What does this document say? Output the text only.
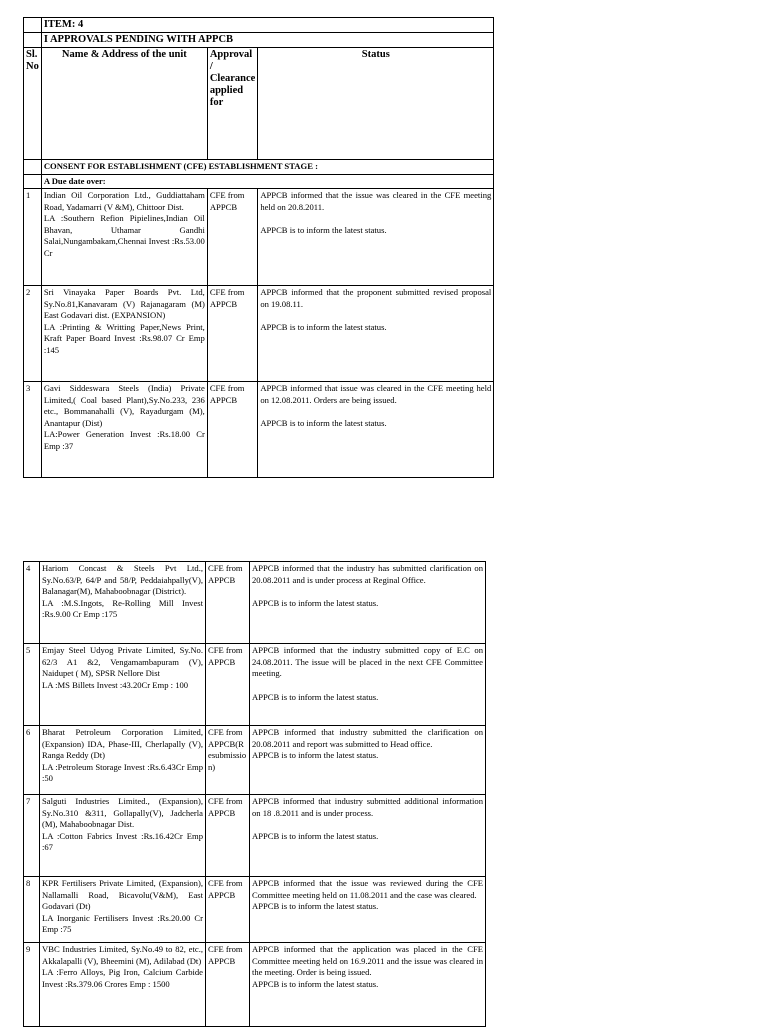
	ITEM: 4		
	I APPROVALS PENDING WITH APPCB		
Sl. No	Name & Address of the unit	Approval / Clearance applied for	Status
	CONSENT FOR ESTABLISHMENT (CFE) ESTABLISHMENT STAGE :		
	A Due date over:		
1	Indian Oil Corporation Ltd., Guddiattaham Road, Yadamarri (V &M), Chittoor Dist.
LA :Southern Refion Pipielines,Indian Oil Bhavan, Uthamar Gandhi Salai,Nungambakam,Chennai Invest :Rs.53.00 Cr	CFE from APPCB	APPCB informed that the issue was cleared in the CFE meeting held on 20.8.2011.
APPCB is to inform the latest status.

2	Sri Vinayaka Paper Boards Pvt. Ltd, Sy.No.81,Kanavaram (V) Rajanagaram (M) East Godavari dist. (EXPANSION)
LA :Printing & Writting Paper,News Print, Kraft Paper Board Invest :Rs.98.07 Cr Emp :145	CFE from APPCB	APPCB informed that the proponent submitted revised proposal on 19.08.11.
APPCB is to inform the latest status.

3	Gavi Siddeswara Steels (India) Private Limited,( Coal based Plant),Sy.No.233, 236 etc., Bommanahalli (V), Rayadurgam (M), Anantapur (Dist)
LA:Power Generation Invest :Rs.18.00 Cr Emp :37	CFE from APPCB	APPCB informed that issue was cleared in the CFE meeting held on 12.08.2011. Orders are being issued.
APPCB is to inform the latest status.
4	Hariom Concast & Steels Pvt Ltd., Sy.No.63/P, 64/P and 58/P, Peddaiahpally(V), Balanagar(M), Mahaboobnagar (District).
LA :M.S.Ingots, Re-Rolling Mill Invest :Rs.9.00 Cr Emp :175	CFE from APPCB	APPCB informed that the industry has submitted clarification on 20.08.2011 and is under process at Reginal Office.
APPCB is to inform the latest status.

5	Emjay Steel Udyog Private Limited, Sy.No. 62/3 A1 &2, Vengamambapuram (V), Naidupet ( M), SPSR Nellore Dist
LA :MS Billets Invest :43.20Cr Emp : 100	CFE from APPCB	APPCB informed that the industry submitted copy of E.C on 24.08.2011. The issue will be placed in the next CFE Committee meeting.
APPCB is to inform the latest status.

6	Bharat Petroleum Corporation Limited, (Expansion) IDA, Phase-III, Cherlapally (V), Ranga Reddy (Dt)
LA :Petroleum Storage Invest :Rs.6.43Cr Emp :50	CFE from APPCB(Resubmission)	APPCB informed that industry submitted the clarification on 20.08.2011 and report was submitted to Head office.
APPCB is to inform the latest status.

7	Salguti Industries Limited., (Expansion), Sy.No.310 &311, Gollapally(V), Jadcherla (M), Mahaboobnagar Dist.
LA :Cotton Fabrics Invest :Rs.16.42Cr Emp :67	CFE from APPCB	APPCB informed that industry submitted additional information on 18 .8.2011 and is under process.
APPCB is to inform the latest status.

8	KPR Fertilisers Private Limited, (Expansion), Nallamalli Road, Bicavolu(V&M), East Godavari (Dt)
LA Inorganic Fertilisers Invest :Rs.20.00 Cr Emp :75	CFE from APPCB	APPCB informed that the issue was reviewed during the CFE Committee meeting held on 11.08.2011 and the case was cleared.
APPCB is to inform the latest status.

9	VBC Industries Limited, Sy.No.49 to 82, etc., Akkalapalli (V), Bheemini (M), Adilabad (Dt)
LA :Ferro Alloys, Pig Iron, Calcium Carbide Invest :Rs.379.06 Crores Emp : 1500	CFE from APPCB	APPCB informed that the application was placed in the CFE Committee meeting held on 16.9.2011 and the issue was cleared in the meeting. Order is being issued.
APPCB is to inform the latest status.
